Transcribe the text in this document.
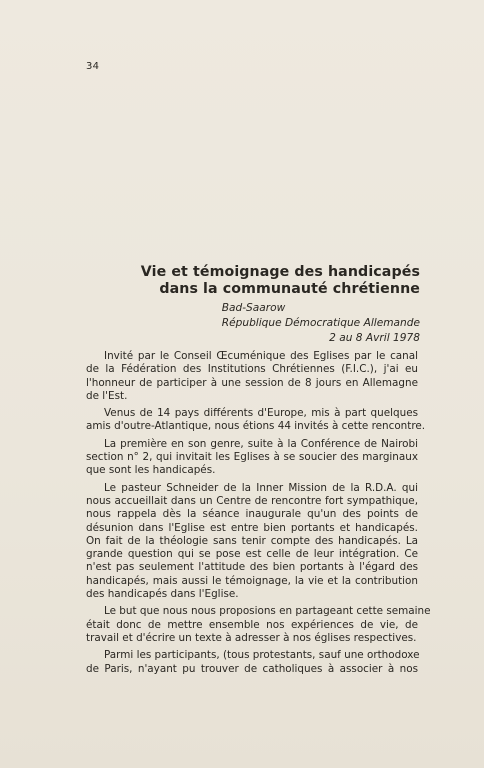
34
Vie et témoignage des handicapés
dans la communauté chrétienne
Bad-Saarow
République Démocratique Allemande
2 au 8 Avril 1978

Invité par le Conseil Œcuménique des Eglises par le canal
de la Fédération des Institutions Chrétiennes (F.I.C.), j'ai eu
l'honneur de participer à une session de 8 jours en Allemagne
de l'Est.

Venus de 14 pays différents d'Europe, mis à part quelques
amis d'outre-Atlantique, nous étions 44 invités à cette rencontre.

La première en son genre, suite à la Conférence de Nairobi
section n° 2, qui invitait les Eglises à se soucier des marginaux
que sont les handicapés.

Le pasteur Schneider de la Inner Mission de la R.D.A. qui
nous accueillait dans un Centre de rencontre fort sympathique,
nous rappela dès la séance inaugurale qu'un des points de
désunion dans l'Eglise est entre bien portants et handicapés.
On fait de la théologie sans tenir compte des handicapés. La
grande question qui se pose est celle de leur intégration. Ce
n'est pas seulement l'attitude des bien portants à l'égard des
handicapés, mais aussi le témoignage, la vie et la contribution
des handicapés dans l'Eglise.

Le but que nous nous proposions en partageant cette semaine
était donc de mettre ensemble nos expériences de vie, de
travail et d'écrire un texte à adresser à nos églises respectives.

Parmi les participants, (tous protestants, sauf une orthodoxe
de Paris, n'ayant pu trouver de catholiques à associer à nos
